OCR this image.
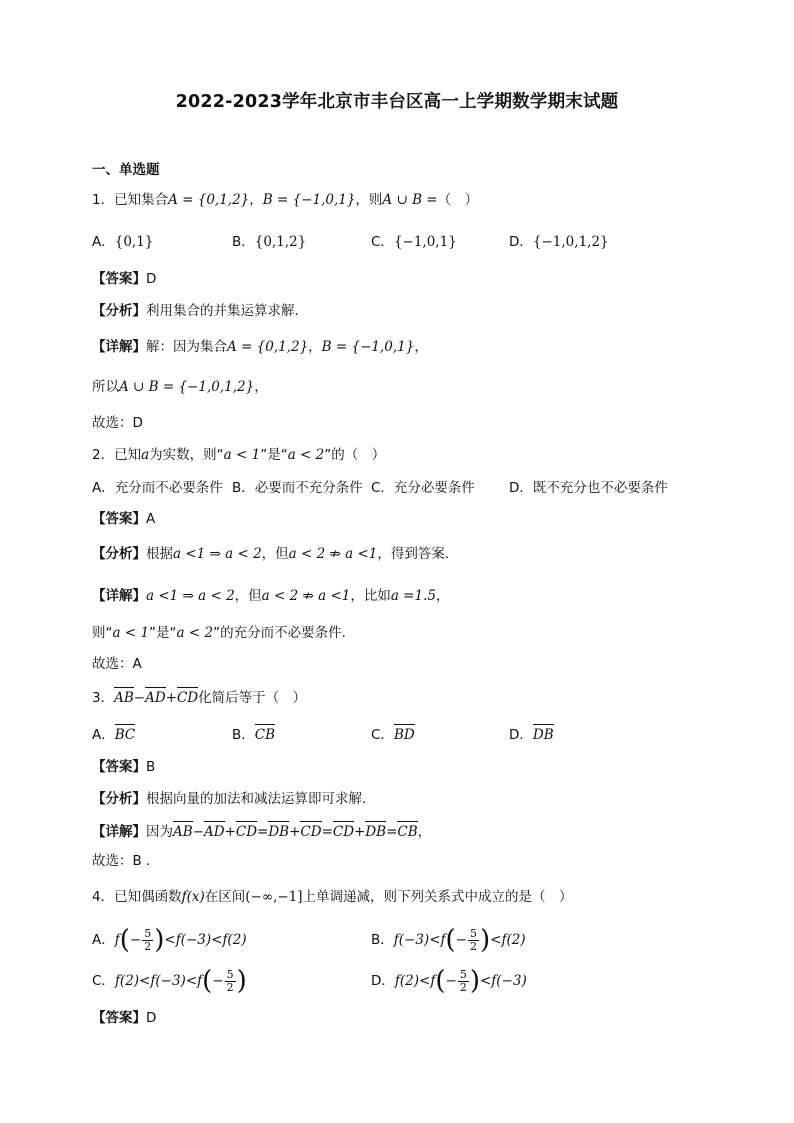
2022-2023学年北京市丰台区高一上学期数学期末试题
一、单选题
1．已知集合A = {0,1,2}，B = {−1,0,1}，则A ∪ B =（　）
A．{0,1}	B．{0,1,2}	C．{−1,0,1}	D．{−1,0,1,2}
【答案】D
【分析】利用集合的并集运算求解.
【详解】解：因为集合A = {0,1,2}，B = {−1,0,1}，
所以A ∪ B = {−1,0,1,2}，
故选：D
2．已知a为实数，则“a < 1”是“a < 2”的（　）
A．充分而不必要条件 B．必要而不充分条件 C．充分必要条件	D．既不充分也不必要条件
【答案】A
【分析】根据a <1 ⇒ a < 2，但a < 2 ⇏ a <1，得到答案.
【详解】a <1 ⇒ a < 2，但a < 2 ⇏ a <1，比如a =1.5，
则“a < 1”是“a < 2”的充分而不必要条件.
故选：A
3．AB−AD+CD化简后等于（　）
A．BC	B．CB	C．BD	D．DB
【答案】B
【分析】根据向量的加法和减法运算即可求解.
【详解】因为AB−AD+CD=DB+CD=CD+DB=CB，
故选：B .
4．已知偶函数f(x)在区间(−∞,−1]上单调递减，则下列关系式中成立的是（　）
A．$f(- \frac{5}{2} )<f(-3)<f(2)$	B．$f(-3)<f(- \frac{5}{2} )<f(2)$
C．$f(2)<f(-3)<f(- \frac{5}{2}$ )	D．$f(2)<f(- \frac{5}{2} )<f(-3)$
【答案】D
